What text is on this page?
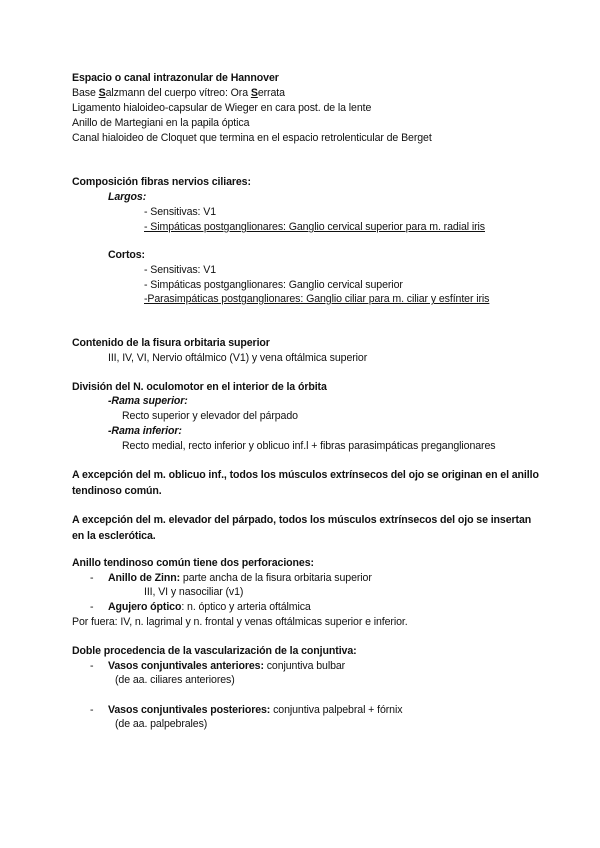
Espacio o canal intrazonular de Hannover
Base Salzmann del cuerpo vítreo: Ora Serrata
Ligamento hialoideo-capsular de Wieger en cara post. de la lente
Anillo de Martegiani en la papila óptica
Canal hialoideo de Cloquet que termina en el espacio retrolenticular de Berget
Composición fibras nervios ciliares:
Largos:
- Sensitivas: V1
- Simpáticas postganglionares: Ganglio cervical superior para m. radial iris
Cortos:
- Sensitivas: V1
- Simpáticas postganglionares: Ganglio cervical superior
-Parasimpáticas postganglionares: Ganglio ciliar para m. ciliar y esfínter iris
Contenido de la fisura orbitaria superior
III, IV, VI, Nervio oftálmico (V1) y vena oftálmica superior
División del N. oculomotor en el interior de la órbita
-Rama superior:
Recto superior y elevador del párpado
-Rama inferior:
Recto medial, recto inferior y oblicuo inf.l + fibras parasimpáticas preganglionares
A excepción del m. oblicuo inf., todos los músculos extrínsecos del ojo se originan en el anillo tendinoso común.
A excepción del m. elevador del párpado, todos los músculos extrínsecos del ojo se insertan en la esclerótica.
Anillo tendinoso común tiene dos perforaciones:
- Anillo de Zinn: parte ancha de la fisura orbitaria superior
III, VI y nasociliar (v1)
- Agujero óptico: n. óptico y arteria oftálmica
Por fuera: IV, n. lagrimal y n. frontal y venas oftálmicas superior e inferior.
Doble procedencia de la vascularización de la conjuntiva:
- Vasos conjuntivales anteriores: conjuntiva bulbar
(de aa. ciliares anteriores)
- Vasos conjuntivales posteriores: conjuntiva palpebral + fórnix
(de aa. palpebrales)
